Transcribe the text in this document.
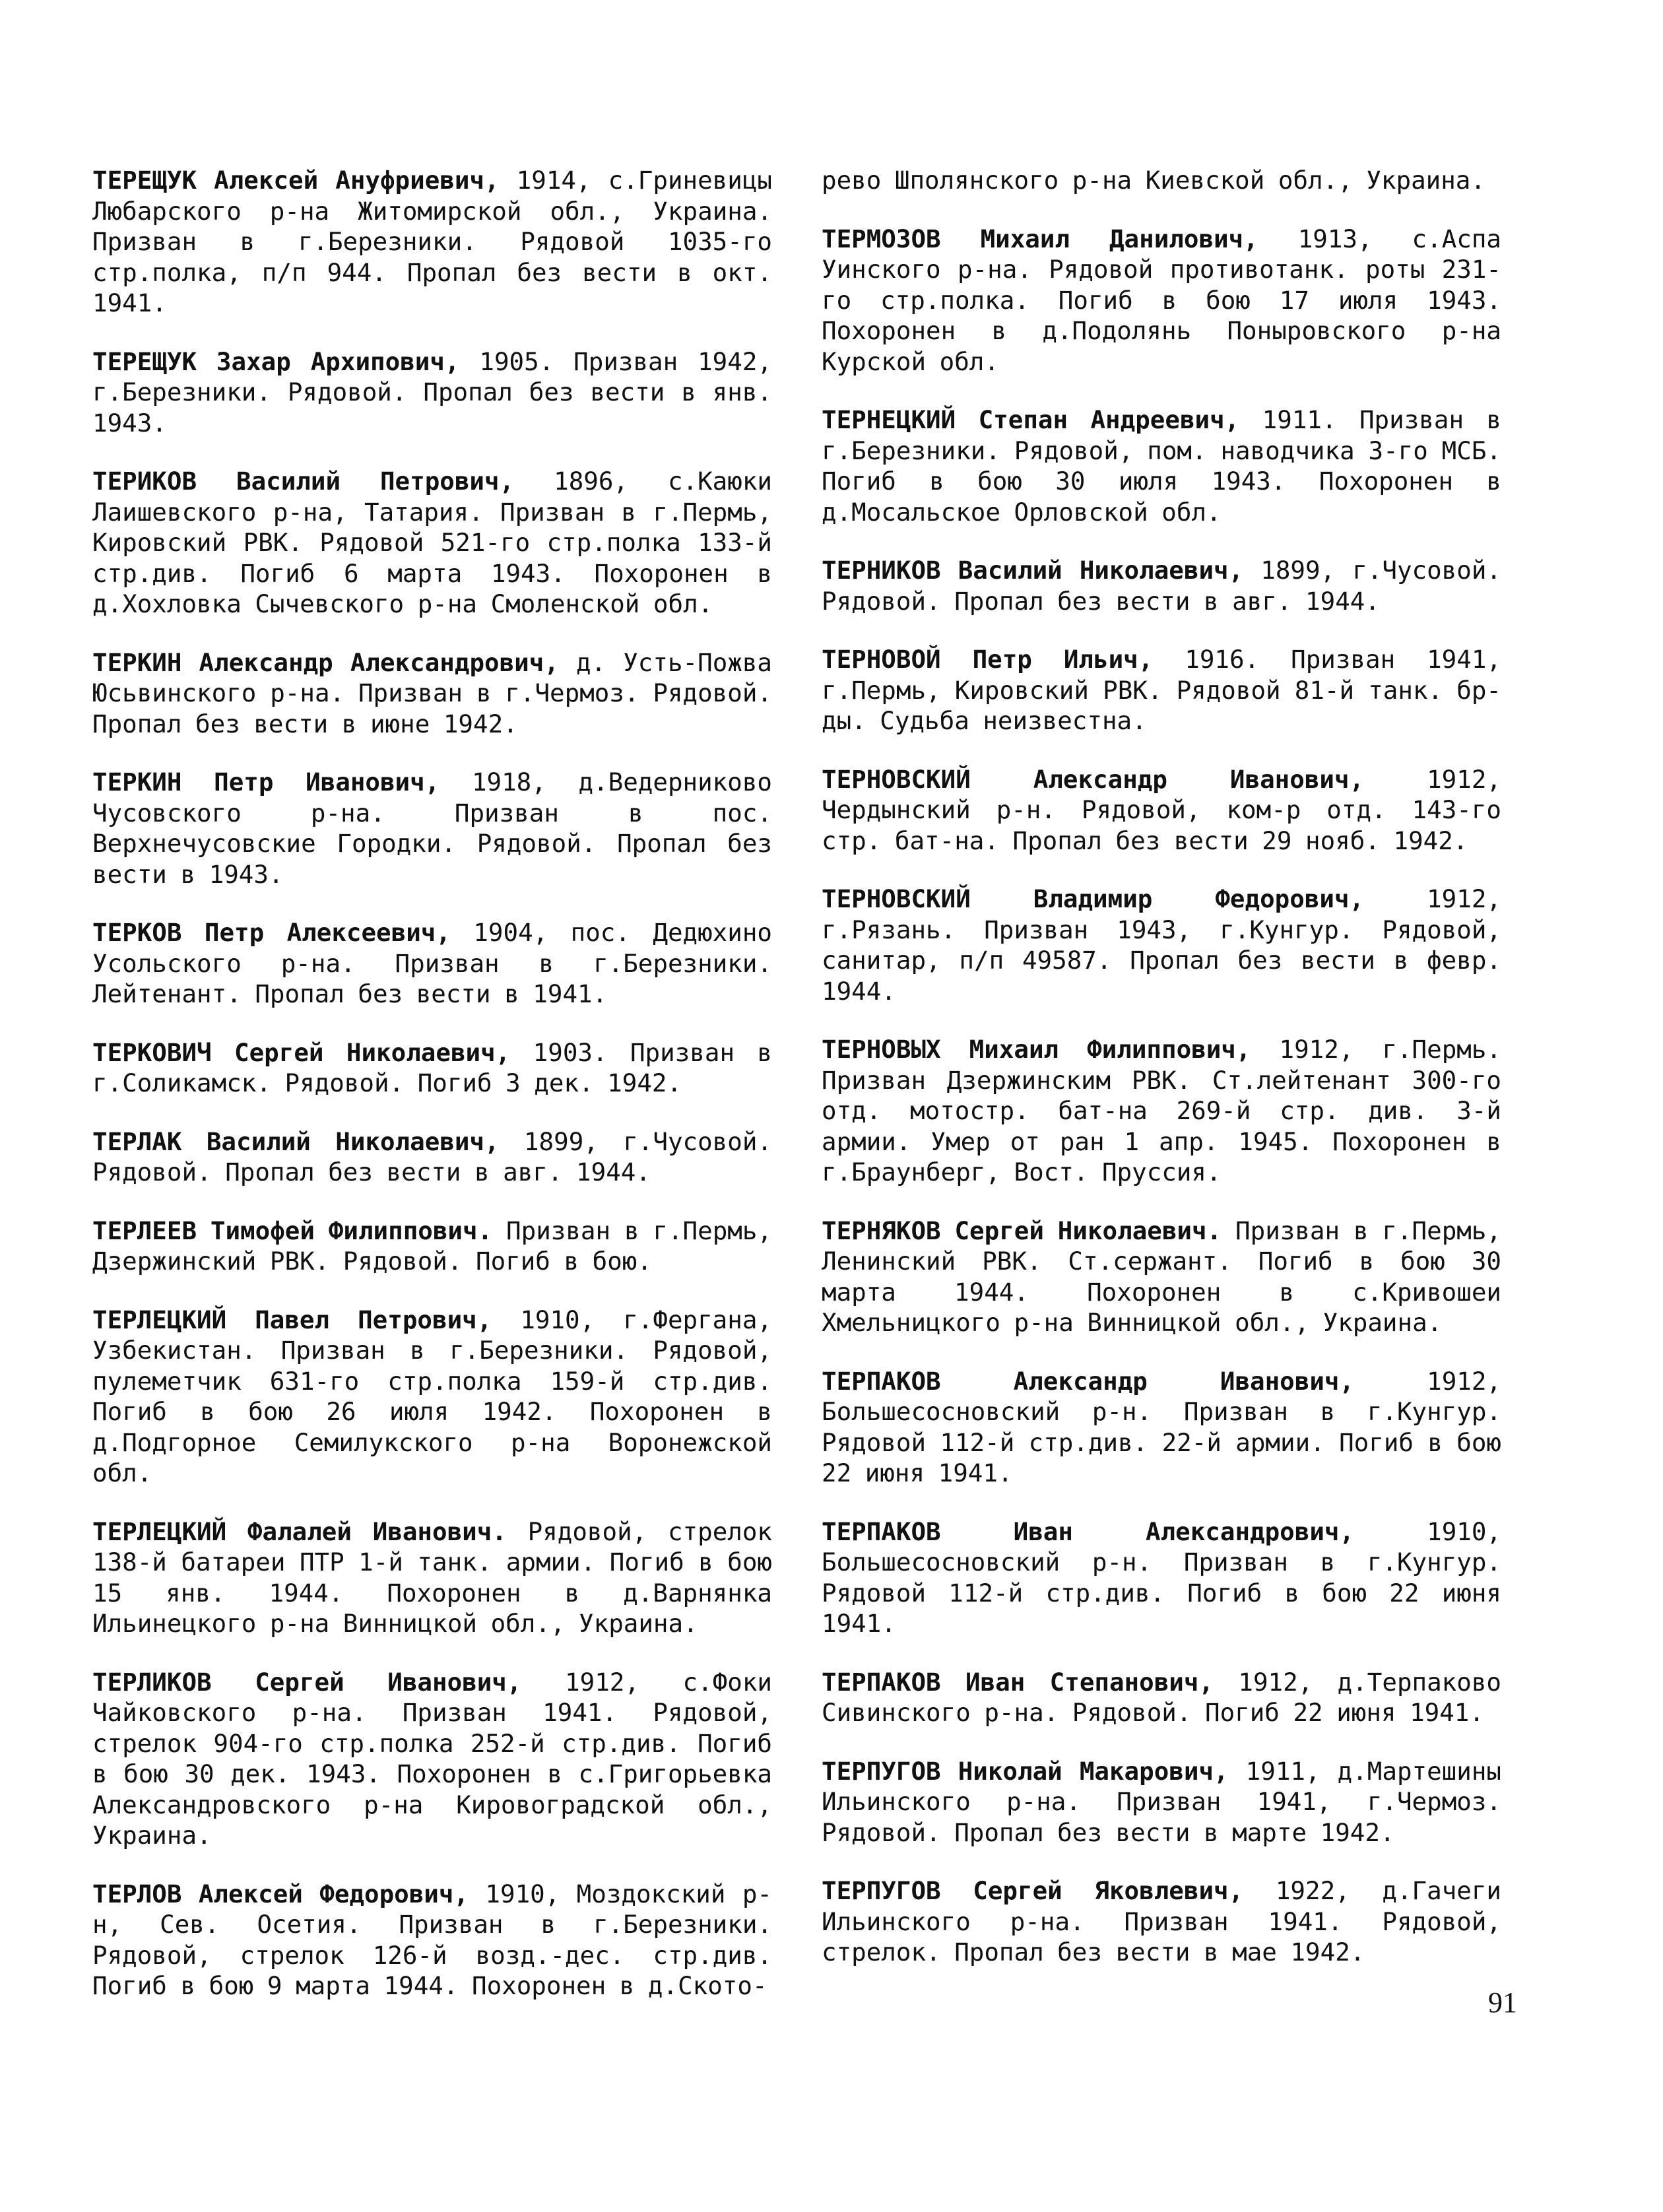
ТЕРЕЩУК Алексей Ануфриевич, 1914, с.Гриневицы Любарского р-на Житомирской обл., Украина. Призван в г.Березники. Рядовой 1035-го стр.полка, п/п 944. Пропал без вести в окт. 1941.

ТЕРЕЩУК Захар Архипович, 1905. Призван 1942, г.Березники. Рядовой. Пропал без вести в янв. 1943.

ТЕРИКОВ Василий Петрович, 1896, с.Каюки Лаишевского р-на, Татария. Призван в г.Пермь, Кировский РВК. Рядовой 521-го стр.полка 133-й стр.див. Погиб 6 марта 1943. Похоронен в д.Хохловка Сычевского р-на Смоленской обл.

ТЕРКИН Александр Александрович, д. Усть-Пожва Юсьвинского р-на. Призван в г.Чермоз. Рядовой. Пропал без вести в июне 1942.

ТЕРКИН Петр Иванович, 1918, д.Ведерниково Чусовского р-на. Призван в пос. Верхнечусовские Городки. Рядовой. Пропал без вести в 1943.

ТЕРКОВ Петр Алексеевич, 1904, пос. Дедюхино Усольского р-на. Призван в г.Березники. Лейтенант. Пропал без вести в 1941.

ТЕРКОВИЧ Сергей Николаевич, 1903. Призван в г.Соликамск. Рядовой. Погиб 3 дек. 1942.

ТЕРЛАК Василий Николаевич, 1899, г.Чусовой. Рядовой. Пропал без вести в авг. 1944.

ТЕРЛЕЕВ Тимофей Филиппович. Призван в г.Пермь, Дзержинский РВК. Рядовой. Погиб в бою.

ТЕРЛЕЦКИЙ Павел Петрович, 1910, г.Фергана, Узбекистан. Призван в г.Березники. Рядовой, пулеметчик 631-го стр.полка 159-й стр.див. Погиб в бою 26 июля 1942. Похоронен в д.Подгорное Семилукского р-на Воронежской обл.

ТЕРЛЕЦКИЙ Фалалей Иванович. Рядовой, стрелок 138-й батареи ПТР 1-й танк. армии. Погиб в бою 15 янв. 1944. Похоронен в д.Варнянка Ильинецкого р-на Винницкой обл., Украина.

ТЕРЛИКОВ Сергей Иванович, 1912, с.Фоки Чайковского р-на. Призван 1941. Рядовой, стрелок 904-го стр.полка 252-й стр.див. Погиб в бою 30 дек. 1943. Похоронен в с.Григорьевка Александровского р-на Кировоградской обл., Украина.

ТЕРЛОВ Алексей Федорович, 1910, Моздокский р-н, Сев. Осетия. Призван в г.Березники. Рядовой, стрелок 126-й возд.-дес. стр.див. Погиб в бою 9 марта 1944. Похоронен в д.Ското-

рево Шполянского р-на Киевской обл., Украина.

ТЕРМОЗОВ Михаил Данилович, 1913, с.Аспа Уинского р-на. Рядовой противотанк. роты 231-го стр.полка. Погиб в бою 17 июля 1943. Похоронен в д.Подолянь Поныровского р-на Курской обл.

ТЕРНЕЦКИЙ Степан Андреевич, 1911. Призван в г.Березники. Рядовой, пом. наводчика 3-го МСБ. Погиб в бою 30 июля 1943. Похоронен в д.Мосальское Орловской обл.

ТЕРНИКОВ Василий Николаевич, 1899, г.Чусовой. Рядовой. Пропал без вести в авг. 1944.

ТЕРНОВОЙ Петр Ильич, 1916. Призван 1941, г.Пермь, Кировский РВК. Рядовой 81-й танк. бр-ды. Судьба неизвестна.

ТЕРНОВСКИЙ Александр Иванович, 1912, Чердынский р-н. Рядовой, ком-р отд. 143-го стр. бат-на. Пропал без вести 29 нояб. 1942.

ТЕРНОВСКИЙ Владимир Федорович, 1912, г.Рязань. Призван 1943, г.Кунгур. Рядовой, санитар, п/п 49587. Пропал без вести в февр. 1944.

ТЕРНОВЫХ Михаил Филиппович, 1912, г.Пермь. Призван Дзержинским РВК. Ст.лейтенант 300-го отд. мотостр. бат-на 269-й стр. див. 3-й армии. Умер от ран 1 апр. 1945. Похоронен в г.Браунберг, Вост. Пруссия.

ТЕРНЯКОВ Сергей Николаевич. Призван в г.Пермь, Ленинский РВК. Ст.сержант. Погиб в бою 30 марта 1944. Похоронен в с.Кривошеи Хмельницкого р-на Винницкой обл., Украина.

ТЕРПАКОВ Александр Иванович, 1912, Большесосновский р-н. Призван в г.Кунгур. Рядовой 112-й стр.див. 22-й армии. Погиб в бою 22 июня 1941.

ТЕРПАКОВ Иван Александрович, 1910, Большесосновский р-н. Призван в г.Кунгур. Рядовой 112-й стр.див. Погиб в бою 22 июня 1941.

ТЕРПАКОВ Иван Степанович, 1912, д.Терпаково Сивинского р-на. Рядовой. Погиб 22 июня 1941.

ТЕРПУГОВ Николай Макарович, 1911, д.Мартешины Ильинского р-на. Призван 1941, г.Чермоз. Рядовой. Пропал без вести в марте 1942.

ТЕРПУГОВ Сергей Яковлевич, 1922, д.Гачеги Ильинского р-на. Призван 1941. Рядовой, стрелок. Пропал без вести в мае 1942.

91
